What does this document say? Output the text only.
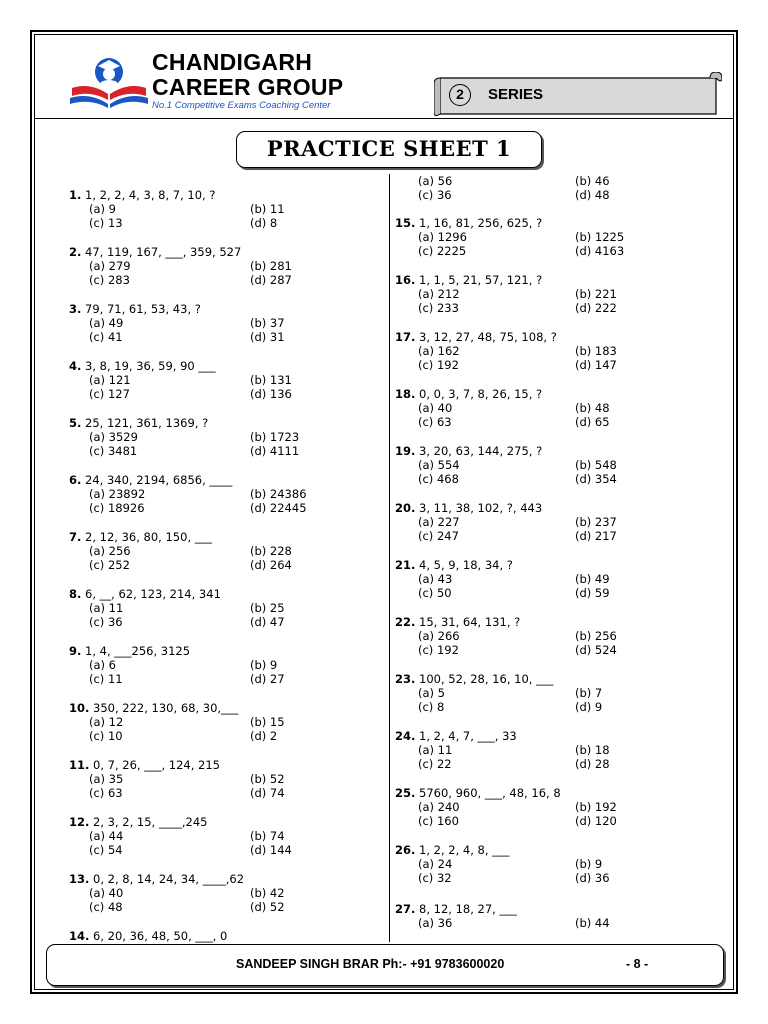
CHANDIGARH
CAREER GROUP
No.1 Competitive Exams Coaching Center
2	SERIES
PRACTICE SHEET 1
1. 1, 2, 2, 4, 3, 8, 7, 10, ?
(a) 9	(b) 11
(c) 13	(d) 8
2. 47, 119, 167, ___, 359, 527
(a) 279	(b) 281
(c) 283	(d) 287
3. 79, 71, 61, 53, 43, ?
(a) 49	(b) 37
(c) 41	(d) 31
4. 3, 8, 19, 36, 59, 90 ___
(a) 121	(b) 131
(c) 127	(d) 136
5. 25, 121, 361, 1369, ?
(a) 3529	(b) 1723
(c) 3481	(d) 4111
6. 24, 340, 2194, 6856, ____
(a) 23892	(b) 24386
(c) 18926	(d) 22445
7. 2, 12, 36, 80, 150, ___
(a) 256	(b) 228
(c) 252	(d) 264
8. 6, __, 62, 123, 214, 341
(a) 11	(b) 25
(c) 36	(d) 47
9. 1, 4, ___256, 3125
(a) 6	(b) 9
(c) 11	(d) 27
10. 350, 222, 130, 68, 30,___
(a) 12	(b) 15
(c) 10	(d) 2
11. 0, 7, 26, ___, 124, 215
(a) 35	(b) 52
(c) 63	(d) 74
12. 2, 3, 2, 15, ____,245
(a) 44	(b) 74
(c) 54	(d) 144
13. 0, 2, 8, 14, 24, 34, ____,62
(a) 40	(b) 42
(c) 48	(d) 52
14. 6, 20, 36, 48, 50, ___, 0
(a) 56	(b) 46
(c) 36	(d) 48
15. 1, 16, 81, 256, 625, ?
(a) 1296	(b) 1225
(c) 2225	(d) 4163
16. 1, 1, 5, 21, 57, 121, ?
(a) 212	(b) 221
(c) 233	(d) 222
17. 3, 12, 27, 48, 75, 108, ?
(a) 162	(b) 183
(c) 192	(d) 147
18. 0, 0, 3, 7, 8, 26, 15, ?
(a) 40	(b) 48
(c) 63	(d) 65
19. 3, 20, 63, 144, 275, ?
(a) 554	(b) 548
(c) 468	(d) 354
20. 3, 11, 38, 102, ?, 443
(a) 227	(b) 237
(c) 247	(d) 217
21. 4, 5, 9, 18, 34, ?
(a) 43	(b) 49
(c) 50	(d) 59
22. 15, 31, 64, 131, ?
(a) 266	(b) 256
(c) 192	(d) 524
23. 100, 52, 28, 16, 10, ___
(a) 5	(b) 7
(c) 8	(d) 9
24. 1, 2, 4, 7, ___, 33
(a) 11	(b) 18
(c) 22	(d) 28
25. 5760, 960, ___, 48, 16, 8
(a) 240	(b) 192
(c) 160	(d) 120
26. 1, 2, 2, 4, 8, ___
(a) 24	(b) 9
(c) 32	(d) 36
27. 8, 12, 18, 27, ___
(a) 36	(b) 44
SANDEEP SINGH BRAR Ph:- +91 9783600020	- 8 -
